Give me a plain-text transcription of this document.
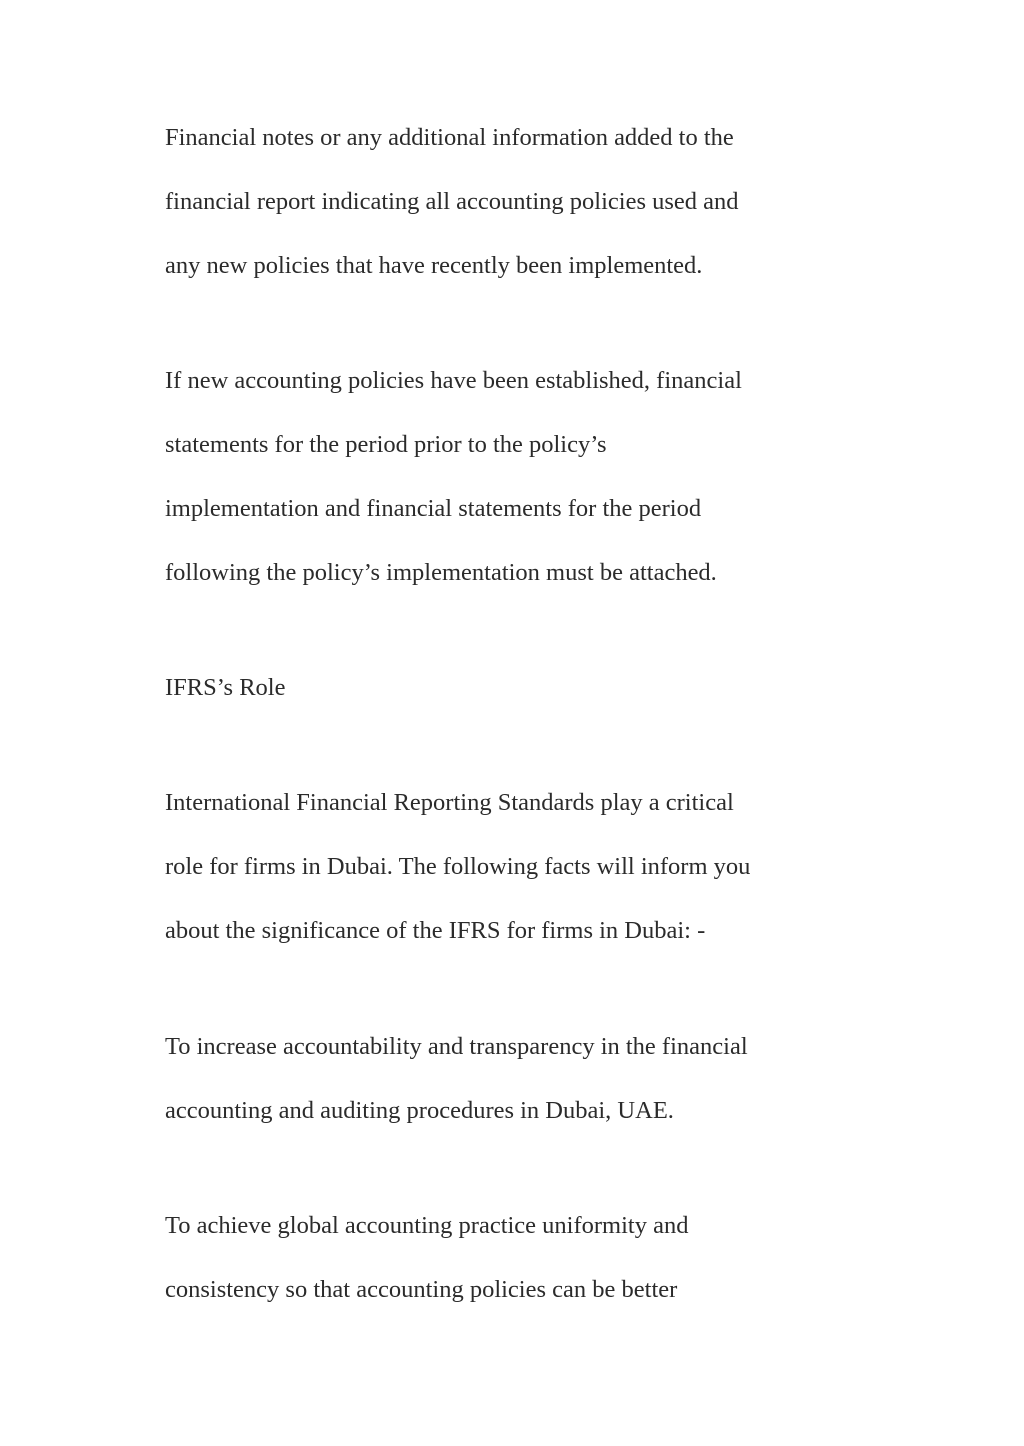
Financial notes or any additional information added to the

financial report indicating all accounting policies used and

any new policies that have recently been implemented.

If new accounting policies have been established, financial

statements for the period prior to the policy’s

implementation and financial statements for the period

following the policy’s implementation must be attached.

IFRS’s Role

International Financial Reporting Standards play a critical

role for firms in Dubai. The following facts will inform you

about the significance of the IFRS for firms in Dubai: -

To increase accountability and transparency in the financial

accounting and auditing procedures in Dubai, UAE.

To achieve global accounting practice uniformity and

consistency so that accounting policies can be better
